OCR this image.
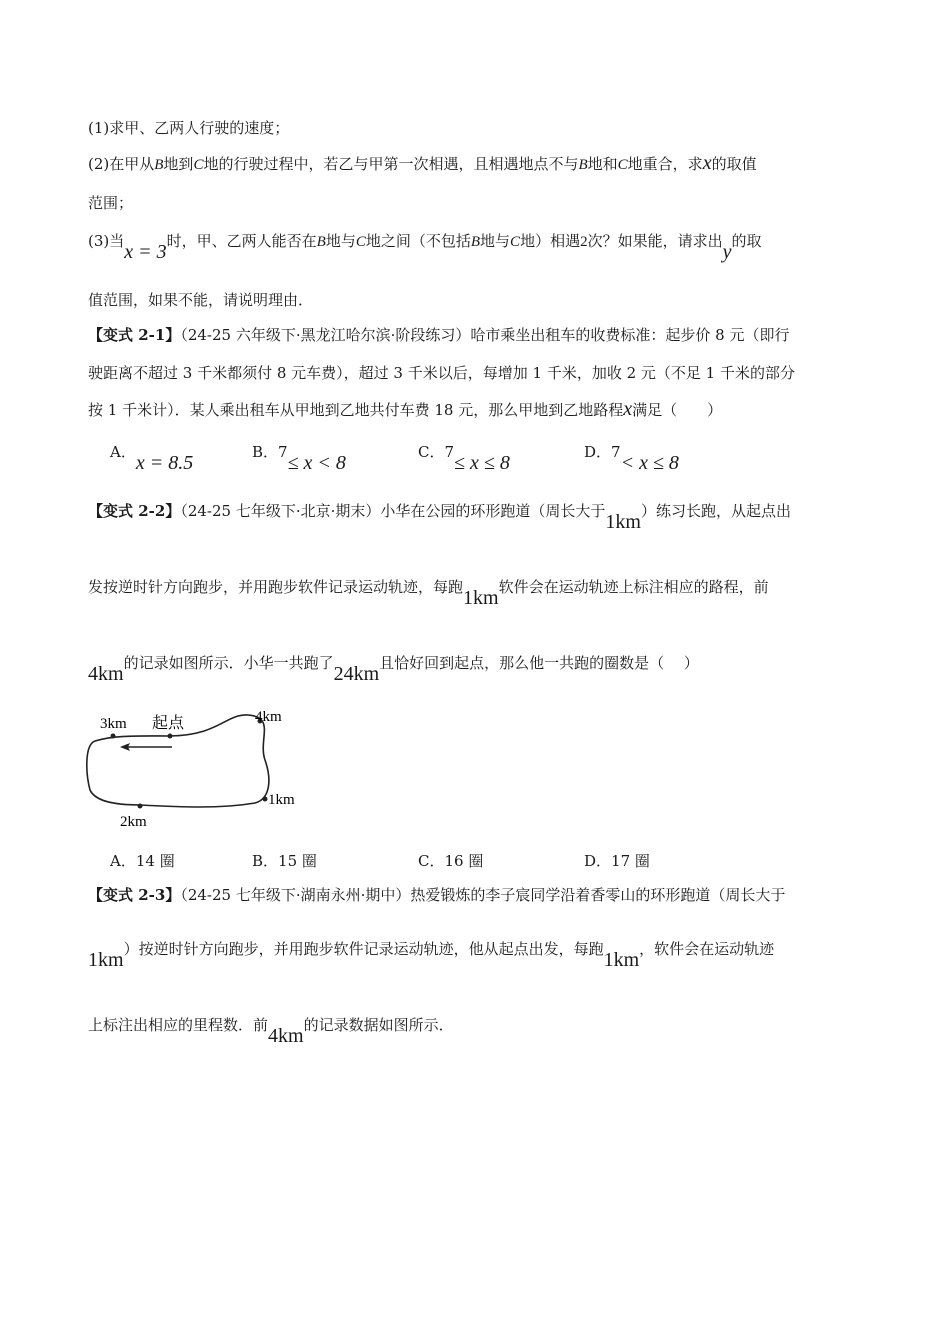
(1)求甲、乙两人行驶的速度；
(2)在甲从B地到C地的行驶过程中，若乙与甲第一次相遇，且相遇地点不与B地和C地重合，求x的取值
范围；
(3)当x = 3时，甲、乙两人能否在B地与C地之间（不包括B地与C地）相遇2次？如果能，请求出y的取
值范围，如果不能，请说明理由．
【变式 2-1】（24-25 六年级下·黑龙江哈尔滨·阶段练习）哈市乘坐出租车的收费标准：起步价 8 元（即行
驶距离不超过 3 千米都须付 8 元车费），超过 3 千米以后，每增加 1 千米，加收 2 元（不足 1 千米的部分
按 1 千米计）．某人乘出租车从甲地到乙地共付车费 18 元，那么甲地到乙地路程x满足（　　）
A．x = 8.5	B．7≤ x < 8	C．7≤ x ≤ 8	D．7< x ≤ 8
【变式 2-2】（24-25 七年级下·北京·期末）小华在公园的环形跑道（周长大于1km）练习长跑，从起点出
发按逆时针方向跑步，并用跑步软件记录运动轨迹，每跑1km软件会在运动轨迹上标注相应的路程，前
4km的记录如图所示．小华一共跑了24km且恰好回到起点，那么他一共跑的圈数是（　 ）
3km 起点	4km
1km
2km
A．14 圈	B．15 圈	C．16 圈	D．17 圈
【变式 2-3】（24-25 七年级下·湖南永州·期中）热爱锻炼的李子宸同学沿着香零山的环形跑道（周长大于
1km）按逆时针方向跑步，并用跑步软件记录运动轨迹，他从起点出发，每跑1km，软件会在运动轨迹
上标注出相应的里程数．前4km的记录数据如图所示．
